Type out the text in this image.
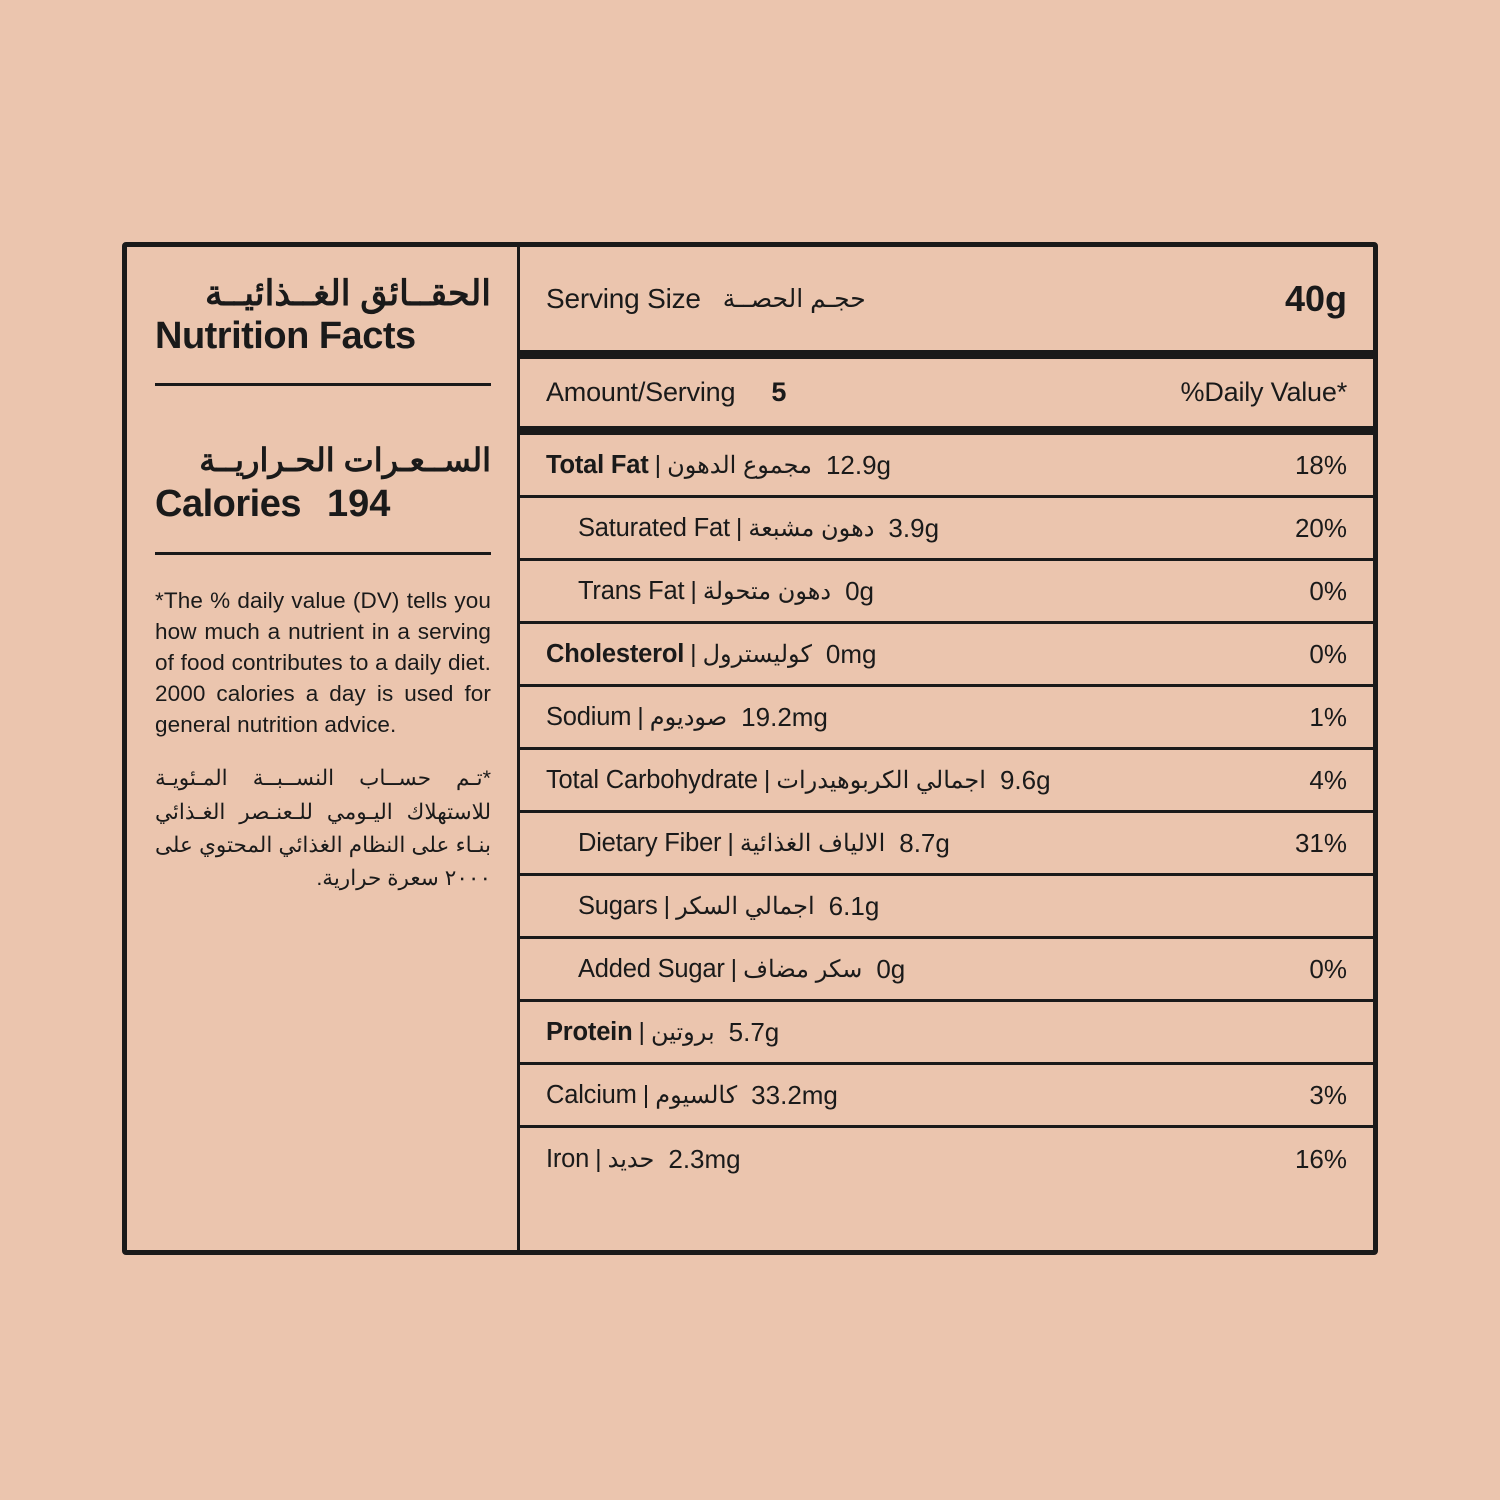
الحقــائق الغــذائيــة
Nutrition Facts
الســعـرات الحـراريــة
Calories 194
*The % daily value (DV) tells you how much a nutrient in a serving of food contributes to a daily diet. 2000 calories a day is used for general nutrition advice.
*تـم حســاب النســبــة المـئويـة للاستهلاك اليـومي للـعنـصر الغـذائي بنـاء على النظام الغذائي المحتوي على ٢٠٠٠ سعرة حرارية.
Serving Size حجـم الحصــة	40g
Amount/Serving 5	%Daily Value*
Total Fat | مجموع الدهون 12.9g	18%
Saturated Fat | دهون مشبعة 3.9g	20%
Trans Fat | دهون متحولة 0g	0%
Cholesterol | كوليسترول 0mg	0%
Sodium | صوديوم 19.2mg	1%
Total Carbohydrate | اجمالي الكربوهيدرات 9.6g	4%
Dietary Fiber | الالياف الغذائية 8.7g	31%
Sugars | اجمالي السكر 6.1g
Added Sugar | سكر مضاف 0g	0%
Protein | بروتين 5.7g
Calcium | كالسيوم 33.2mg	3%
Iron | حديد 2.3mg	16%
